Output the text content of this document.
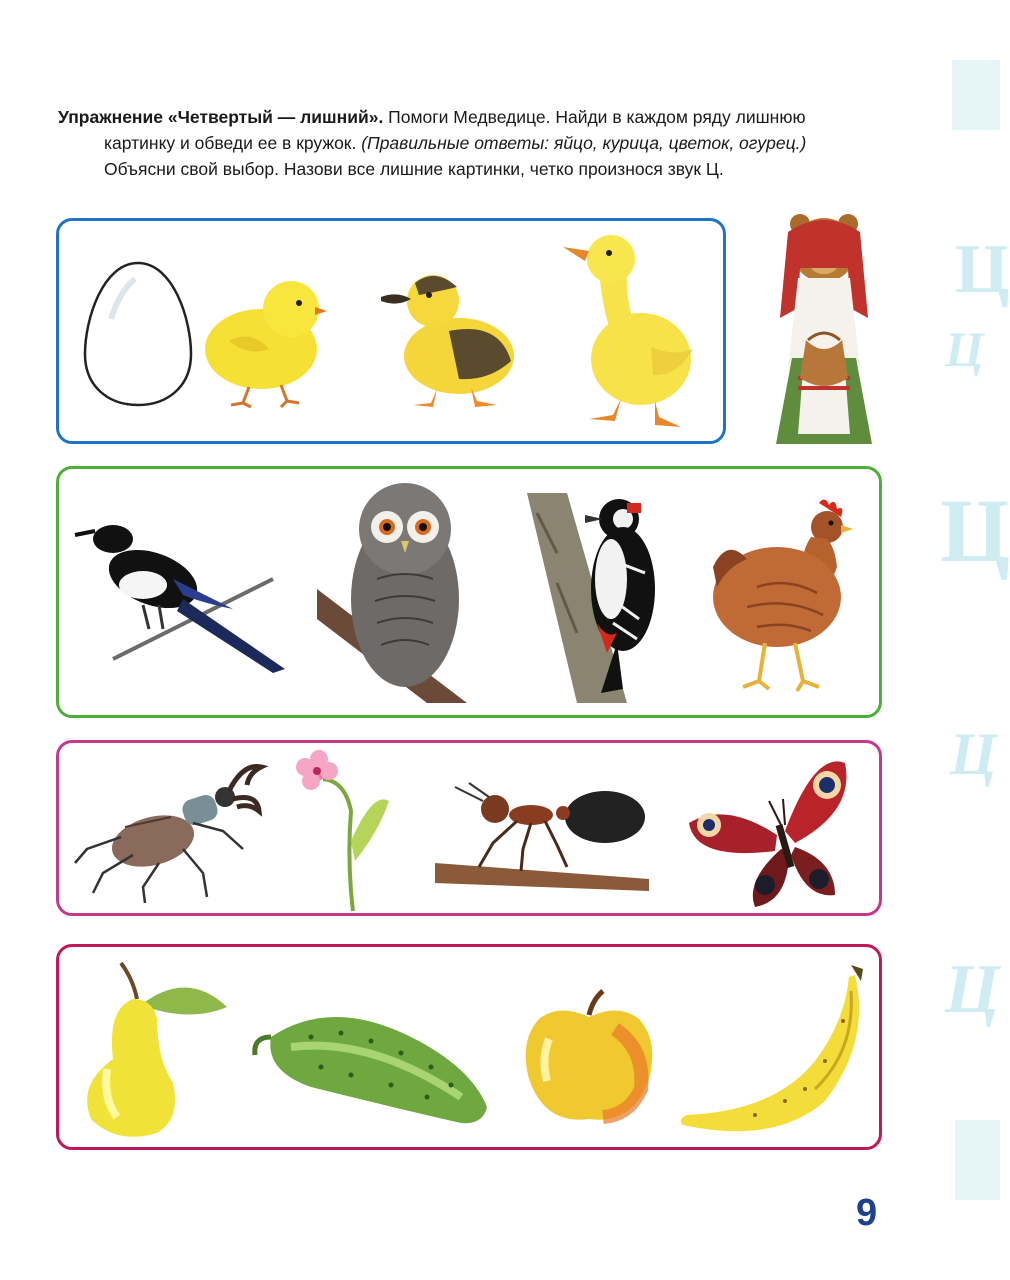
Упражнение «Четвертый — лишний». Помоги Медведице. Найди в каждом ряду лишнюю
картинку и обведи ее в кружок. (Правильные ответы: яйцо, курица, цветок, огурец.)
Объясни свой выбор. Назови все лишние картинки, четко произнося звук Ц.
Ц
Ц
Ц
Ц
Ц
9
